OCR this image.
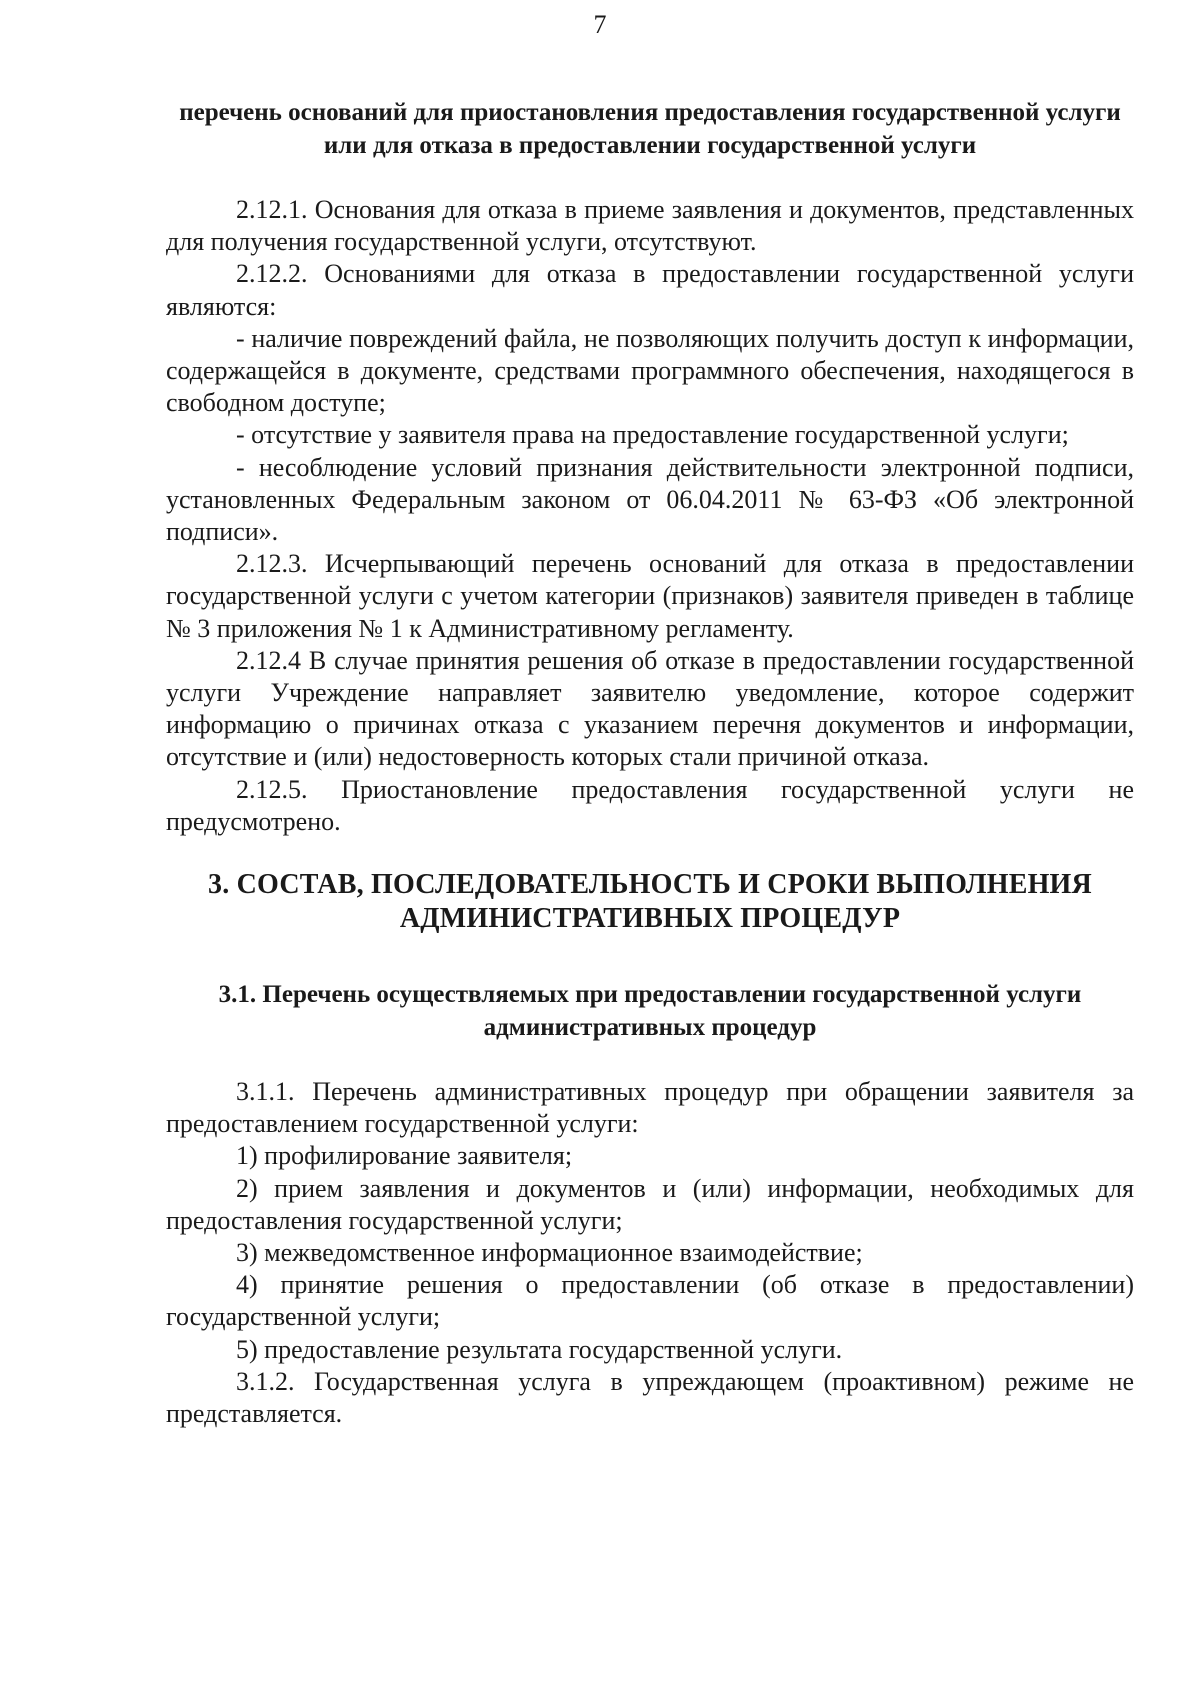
7

перечень оснований для приостановления предоставления государственной услуги или для отказа в предоставлении государственной услуги

2.12.1. Основания для отказа в приеме заявления и документов, представленных для получения государственной услуги, отсутствуют.

2.12.2. Основаниями для отказа в предоставлении государственной услуги являются:

- наличие повреждений файла, не позволяющих получить доступ к информации, содержащейся в документе, средствами программного обеспечения, находящегося в свободном доступе;

- отсутствие у заявителя права на предоставление государственной услуги;

- несоблюдение условий признания действительности электронной подписи, установленных Федеральным законом от 06.04.2011 № 63-ФЗ «Об электронной подписи».

2.12.3. Исчерпывающий перечень оснований для отказа в предоставлении государственной услуги с учетом категории (признаков) заявителя приведен в таблице № 3 приложения № 1 к Административному регламенту.

2.12.4 В случае принятия решения об отказе в предоставлении государственной услуги Учреждение направляет заявителю уведомление, которое содержит информацию о причинах отказа с указанием перечня документов и информации, отсутствие и (или) недостоверность которых стали причиной отказа.

2.12.5. Приостановление предоставления государственной услуги не предусмотрено.

3. СОСТАВ, ПОСЛЕДОВАТЕЛЬНОСТЬ И СРОКИ ВЫПОЛНЕНИЯ АДМИНИСТРАТИВНЫХ ПРОЦЕДУР

3.1. Перечень осуществляемых при предоставлении государственной услуги административных процедур

3.1.1. Перечень административных процедур при обращении заявителя за предоставлением государственной услуги:

1) профилирование заявителя;

2) прием заявления и документов и (или) информации, необходимых для предоставления государственной услуги;

3) межведомственное информационное взаимодействие;

4) принятие решения о предоставлении (об отказе в предоставлении) государственной услуги;

5) предоставление результата государственной услуги.

3.1.2. Государственная услуга в упреждающем (проактивном) режиме не представляется.
